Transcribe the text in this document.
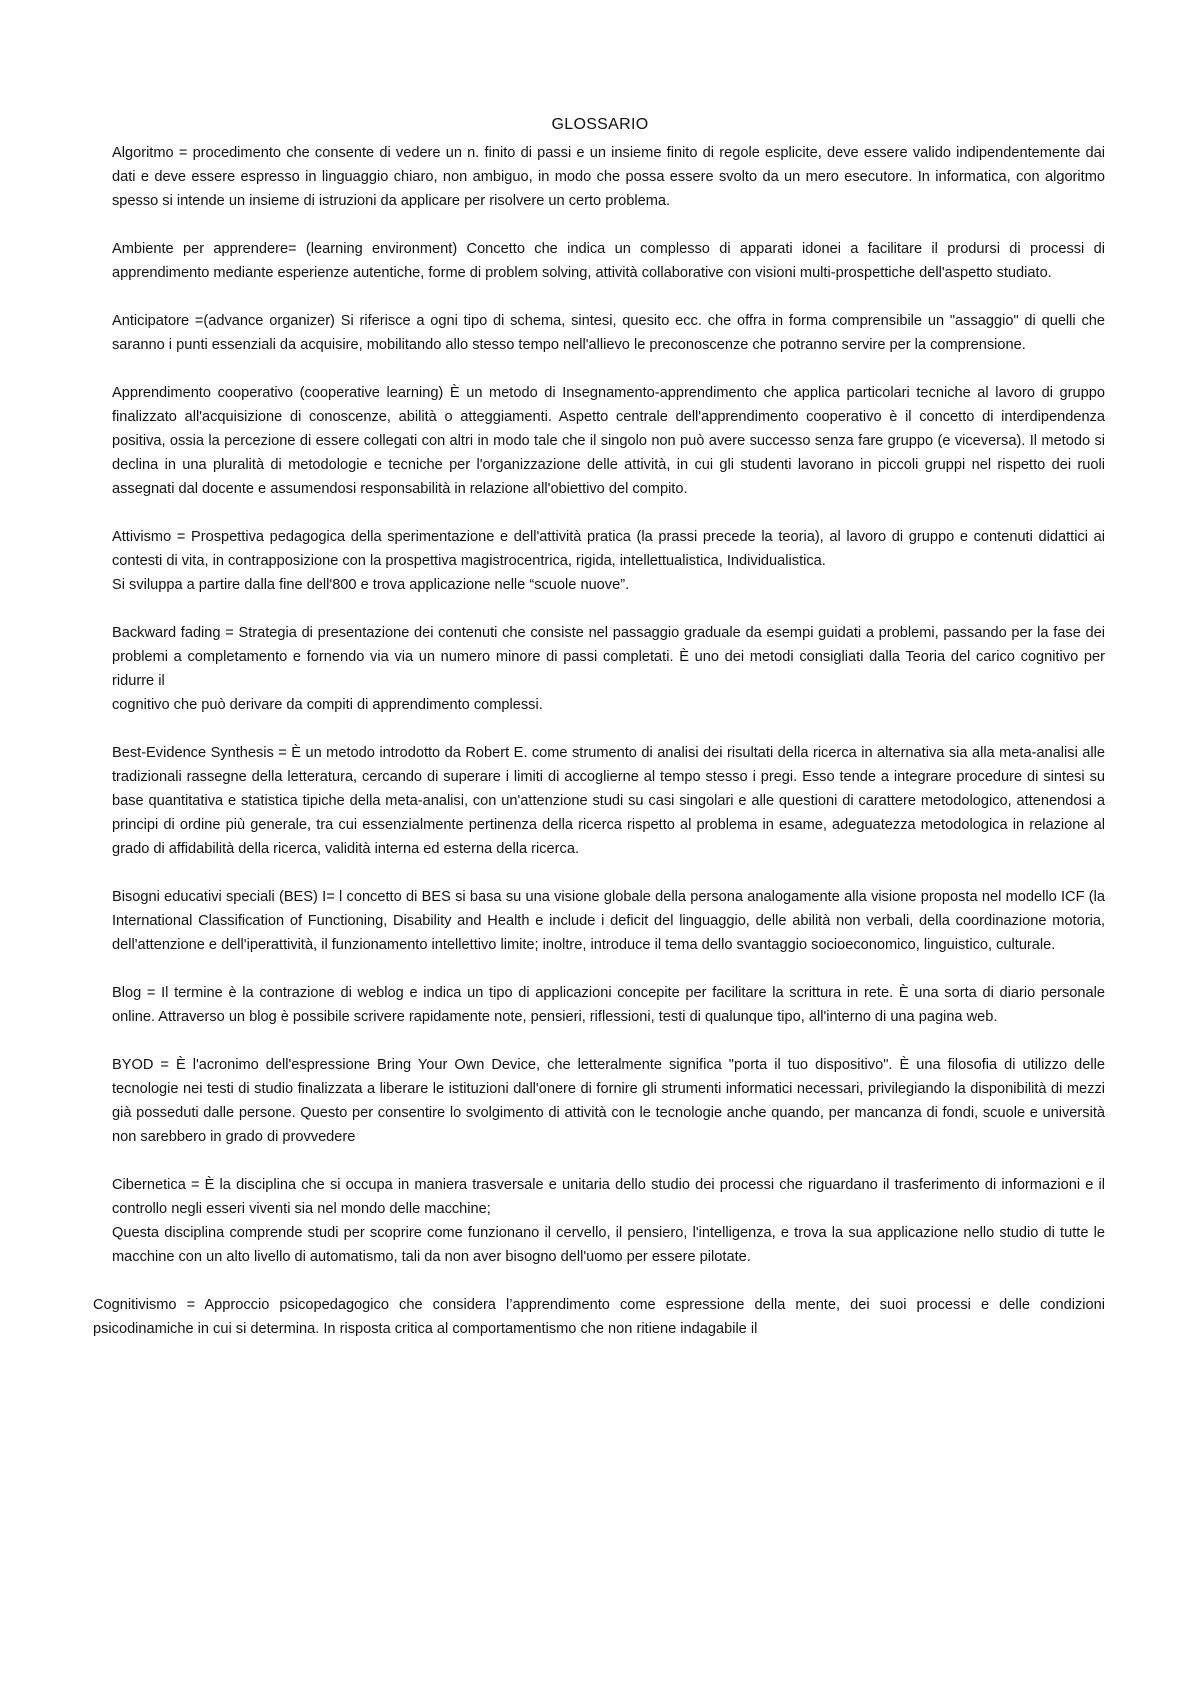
GLOSSARIO

Algoritmo = procedimento che consente di vedere un n. finito di passi e un insieme finito di regole esplicite, deve essere valido indipendentemente dai dati e deve essere espresso in linguaggio chiaro, non ambiguo, in modo che possa essere svolto da un mero esecutore. In informatica, con algoritmo spesso si intende un insieme di istruzioni da applicare per risolvere un certo problema.

Ambiente per apprendere= (learning environment) Concetto che indica un complesso di apparati idonei a facilitare il prodursi di processi di apprendimento mediante esperienze autentiche, forme di problem solving, attività collaborative con visioni multi-prospettiche dell'aspetto studiato.

Anticipatore =(advance organizer) Si riferisce a ogni tipo di schema, sintesi, quesito ecc. che offra in forma comprensibile un "assaggio" di quelli che saranno i punti essenziali da acquisire, mobilitando allo stesso tempo nell'allievo le preconoscenze che potranno servire per la comprensione.

Apprendimento cooperativo (cooperative learning) È un metodo di Insegnamento-apprendimento che applica particolari tecniche al lavoro di gruppo finalizzato all'acquisizione di conoscenze, abilità o atteggiamenti. Aspetto centrale dell'apprendimento cooperativo è il concetto di interdipendenza positiva, ossia la percezione di essere collegati con altri in modo tale che il singolo non può avere successo senza fare gruppo (e viceversa). Il metodo si declina in una pluralità di metodologie e tecniche per l'organizzazione delle attività, in cui gli studenti lavorano in piccoli gruppi nel rispetto dei ruoli assegnati dal docente e assumendosi responsabilità in relazione all'obiettivo del compito.

Attivismo = Prospettiva pedagogica della sperimentazione e dell'attività pratica (la prassi precede la teoria), al lavoro di gruppo e contenuti didattici ai contesti di vita, in contrapposizione con la prospettiva magistrocentrica, rigida, intellettualistica, Individualistica.

Si sviluppa a partire dalla fine dell'800 e trova applicazione nelle “scuole nuove”.

Backward fading = Strategia di presentazione dei contenuti che consiste nel passaggio graduale da esempi guidati a problemi, passando per la fase dei problemi a completamento e fornendo via via un numero minore di passi completati. È uno dei metodi consigliati dalla Teoria del carico cognitivo per ridurre il

cognitivo che può derivare da compiti di apprendimento complessi.

Best-Evidence Synthesis = È un metodo introdotto da Robert E. come strumento di analisi dei risultati della ricerca in alternativa sia alla meta-analisi alle tradizionali rassegne della letteratura, cercando di superare i limiti di accoglierne al tempo stesso i pregi. Esso tende a integrare procedure di sintesi su base quantitativa e statistica tipiche della meta-analisi, con un'attenzione studi su casi singolari e alle questioni di carattere metodologico, attenendosi a principi di ordine più generale, tra cui essenzialmente pertinenza della ricerca rispetto al problema in esame, adeguatezza metodologica in relazione al grado di affidabilità della ricerca, validità interna ed esterna della ricerca.

Bisogni educativi speciali (BES) I= l concetto di BES si basa su una visione globale della persona analogamente alla visione proposta nel modello ICF (la International Classification of Functioning, Disability and Health e include i deficit del linguaggio, delle abilità non verbali, della coordinazione motoria, dell'attenzione e dell'iperattività, il funzionamento intellettivo limite; inoltre, introduce il tema dello svantaggio socioeconomico, linguistico, culturale.

Blog = Il termine è la contrazione di weblog e indica un tipo di applicazioni concepite per facilitare la scrittura in rete. È una sorta di diario personale online. Attraverso un blog è possibile scrivere rapidamente note, pensieri, riflessioni, testi di qualunque tipo, all'interno di una pagina web.

BYOD = È l'acronimo dell'espressione Bring Your Own Device, che letteralmente significa "porta il tuo dispositivo". È una filosofia di utilizzo delle tecnologie nei testi di studio finalizzata a liberare le istituzioni dall'onere di fornire gli strumenti informatici necessari, privilegiando la disponibilità di mezzi già posseduti dalle persone. Questo per consentire lo svolgimento di attività con le tecnologie anche quando, per mancanza di fondi, scuole e università non sarebbero in grado di provvedere

Cibernetica = È la disciplina che si occupa in maniera trasversale e unitaria dello studio dei processi che riguardano il trasferimento di informazioni e il controllo negli esseri viventi sia nel mondo delle macchine;

Questa disciplina comprende studi per scoprire come funzionano il cervello, il pensiero, l'intelligenza, e trova la sua applicazione nello studio di tutte le macchine con un alto livello di automatismo, tali da non aver bisogno dell'uomo per essere pilotate.

Cognitivismo = Approccio psicopedagogico che considera l’apprendimento come espressione della mente, dei suoi processi e delle condizioni psicodinamiche in cui si determina. In risposta critica al comportamentismo che non ritiene indagabile il
